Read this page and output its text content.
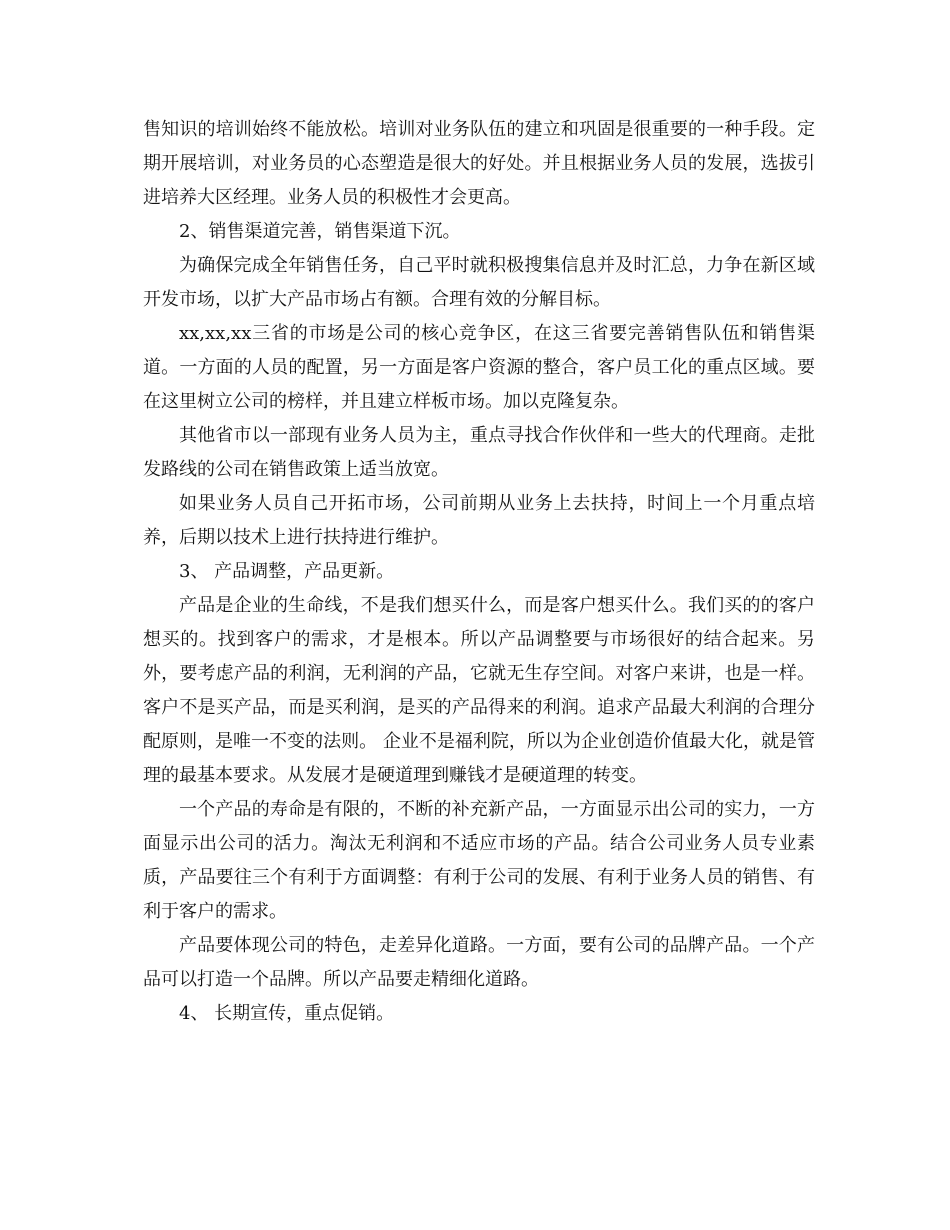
售知识的培训始终不能放松。培训对业务队伍的建立和巩固是很重要的一种手段。定期开展培训，对业务员的心态塑造是很大的好处。并且根据业务人员的发展，选拔引进培养大区经理。业务人员的积极性才会更高。

2、销售渠道完善，销售渠道下沉。

为确保完成全年销售任务，自己平时就积极搜集信息并及时汇总，力争在新区域开发市场，以扩大产品市场占有额。合理有效的分解目标。

xx,xx,xx三省的市场是公司的核心竞争区，在这三省要完善销售队伍和销售渠道。一方面的人员的配置，另一方面是客户资源的整合，客户员工化的重点区域。要在这里树立公司的榜样，并且建立样板市场。加以克隆复杂。

其他省市以一部现有业务人员为主，重点寻找合作伙伴和一些大的代理商。走批发路线的公司在销售政策上适当放宽。

如果业务人员自己开拓市场，公司前期从业务上去扶持，时间上一个月重点培养，后期以技术上进行扶持进行维护。

3、 产品调整，产品更新。

产品是企业的生命线，不是我们想买什么，而是客户想买什么。我们买的的客户想买的。找到客户的需求，才是根本。所以产品调整要与市场很好的结合起来。另外，要考虑产品的利润，无利润的产品，它就无生存空间。对客户来讲，也是一样。客户不是买产品，而是买利润，是买的产品得来的利润。追求产品最大利润的合理分配原则，是唯一不变的法则。 企业不是福利院，所以为企业创造价值最大化，就是管理的最基本要求。从发展才是硬道理到赚钱才是硬道理的转变。

一个产品的寿命是有限的，不断的补充新产品，一方面显示出公司的实力，一方面显示出公司的活力。淘汰无利润和不适应市场的产品。结合公司业务人员专业素质，产品要往三个有利于方面调整：有利于公司的发展、有利于业务人员的销售、有利于客户的需求。

产品要体现公司的特色，走差异化道路。一方面，要有公司的品牌产品。一个产品可以打造一个品牌。所以产品要走精细化道路。

4、 长期宣传，重点促销。
